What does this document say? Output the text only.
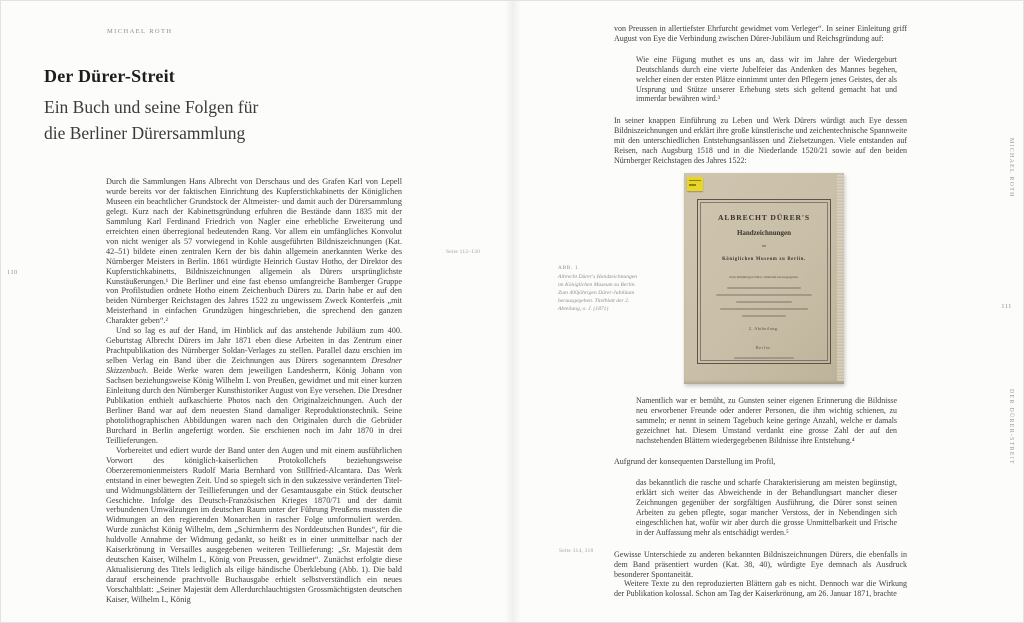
MICHAEL ROTH
110
Der Dürer-Streit
Ein Buch und seine Folgen für
die Berliner Dürersammlung

Durch die Sammlungen Hans Albrecht von Derschaus und des Grafen Karl von Lepell wurde bereits vor der faktischen Einrichtung des Kupferstichkabinetts der Königlichen Museen ein beachtlicher Grundstock der Altmeister- und damit auch der Dürersammlung gelegt. Kurz nach der Kabinettsgründung erfuhren die Bestände dann 1835 mit der Sammlung Karl Ferdinand Friedrich von Nagler eine erhebliche Erweiterung und erreichten einen überregional bedeutenden Rang. Vor allem ein umfängliches Konvolut von nicht weniger als 57 vorwiegend in Kohle ausgeführten Bildniszeichnungen (Kat. 42–51) bildete einen zentralen Kern der bis dahin allgemein anerkannten Werke des Nürnberger Meisters in Berlin. 1861 würdigte Heinrich Gustav Hotho, der Direktor des Kupferstichkabinetts, Bildniszeichnungen allgemein als Dürers ursprünglichste Kunstäußerungen.¹ Die Berliner und eine fast ebenso umfangreiche Bamberger Gruppe von Profilstudien ordnete Hotho einem Zeichenbuch Dürers zu. Darin habe er auf den beiden Nürnberger Reichstagen des Jahres 1522 zu ungewissem Zweck Konterfeis „mit Meisterhand in einfachen Grundzügen hingeschrieben, die sprechend den ganzen Charakter geben“.²

Und so lag es auf der Hand, im Hinblick auf das anstehende Jubiläum zum 400. Geburtstag Albrecht Dürers im Jahr 1871 eben diese Arbeiten in das Zentrum einer Prachtpublikation des Nürnberger Soldan-Verlages zu stellen. Parallel dazu erschien im selben Verlag ein Band über die Zeichnungen aus Dürers sogenanntem Dresdner Skizzenbuch. Beide Werke waren dem jeweiligen Landesherrn, König Johann von Sachsen beziehungsweise König Wilhelm I. von Preußen, gewidmet und mit einer kurzen Einleitung durch den Nürnberger Kunsthistoriker August von Eye versehen. Die Dresdner Publikation enthielt aufkaschierte Photos nach den Originalzeichnungen. Auch der Berliner Band war auf dem neuesten Stand damaliger Reproduktionstechnik. Seine photolithographischen Abbildungen waren nach den Originalen durch die Gebrüder Burchard in Berlin angefertigt worden. Sie erschienen noch im Jahr 1870 in drei Teillieferungen.

Vorbereitet und ediert wurde der Band unter den Augen und mit einem ausführlichen Vorwort des königlich-kaiserlichen Protokollchefs beziehungsweise Oberzeremonienmeisters Rudolf Maria Bernhard von Stillfried-Alcantara. Das Werk entstand in einer bewegten Zeit. Und so spiegelt sich in den sukzessive veränderten Titel- und Widmungsblättern der Teillieferungen und der Gesamtausgabe ein Stück deutscher Geschichte. Infolge des Deutsch-Französischen Krieges 1870/71 und der damit verbundenen Umwälzungen im deutschen Raum unter der Führung Preußens mussten die Widmungen an den regierenden Monarchen in rascher Folge umformuliert werden. Wurde zunächst König Wilhelm, dem „Schirmherrn des Norddeutschen Bundes“, für die huldvolle Annahme der Widmung gedankt, so heißt es in einer unmittelbar nach der Kaiserkrönung in Versailles ausgegebenen weiteren Teillieferung: „Sr. Majestät dem deutschen Kaiser, Wilhelm I., König von Preussen, gewidmet“. Zunächst erfolgte diese Aktualisierung des Titels lediglich als eilige händische Überklebung (Abb. 1). Die bald darauf erscheinende prachtvolle Buchausgabe erhielt selbstverständlich ein neues Vorschaltblatt: „Seiner Majestät dem Allerdurchlauchtigsten Grossmächtigsten deutschen Kaiser, Wilhelm I., König

Seite 112–130

von Preussen in allertiefster Ehrfurcht gewidmet vom Verleger“. In seiner Einleitung griff August von Eye die Verbindung zwischen Dürer-Jubiläum und Reichsgründung auf:

Wie eine Fügung muthet es uns an, dass wir im Jahre der Wiedergeburt Deutschlands durch eine vierte Jubelfeier das Andenken des Mannes begehen, welcher einen der ersten Plätze einnimmt unter den Pflegern jenes Geistes, der als Ursprung und Stütze unserer Erhebung stets sich geltend gemacht hat und immerdar bewähren wird.³

In seiner knappen Einführung zu Leben und Werk Dürers würdigt auch Eye dessen Bildniszeichnungen und erklärt ihre große künstlerische und zeichentechnische Spannweite mit den unterschiedlichen Entstehungsanlässen und Zielsetzungen. Viele entstanden auf Reisen, nach Augsburg 1518 und in die Niederlande 1520/21 sowie auf den beiden Nürnberger Reichstagen des Jahres 1522:

ALBRECHT DÜRER'S
Handzeichnungen
im
Königlichen Museum zu Berlin.
Zum 400jährigen Dürer-Jubiläum herausgegeben.
2. Abtheilung.
Berlin.
Namentlich war er bemüht, zu Gunsten seiner eigenen Erinnerung die Bildnisse neu erworbener Freunde oder anderer Personen, die ihm wichtig schienen, zu sammeln; er nennt in seinem Tagebuch keine geringe Anzahl, welche er damals gezeichnet hat. Diesem Umstand verdankt eine grosse Zahl der auf den nachstehenden Blättern wiedergegebenen Bildnisse ihre Entstehung.⁴

Aufgrund der konsequenten Darstellung im Profil,

das bekanntlich die rasche und scharfe Charakterisierung am meisten begünstigt, erklärt sich weiter das Abweichende in der Behandlungsart mancher dieser Zeichnungen gegenüber der sorgfältigen Ausführung, die Dürer sonst seinen Arbeiten zu geben pflegte, sogar mancher Verstoss, der in Nebendingen sich eingeschlichen hat, wofür wir aber durch die grosse Unmittelbarkeit und Frische in der Auffassung mehr als entschädigt werden.⁵

Gewisse Unterschiede zu anderen bekannten Bildniszeichnungen Dürers, die ebenfalls in dem Band präsentiert wurden (Kat. 38, 40), würdigte Eye demnach als Ausdruck besonderer Spontaneität.

Weitere Texte zu den reproduzierten Blättern gab es nicht. Dennoch war die Wirkung der Publikation kolossal. Schon am Tag der Kaiserkrönung, am 26. Januar 1871, brachte

ABB. 1
Albrecht Dürer's Handzeichnungen im Königlichen Museum zu Berlin. Zum 400jährigen Dürer-Jubiläum herausgegeben. Titelblatt der 2. Abteilung, o. J. (1871)
Seite 314, 318
MICHAEL ROTH
111
DER DÜRER-STREIT
